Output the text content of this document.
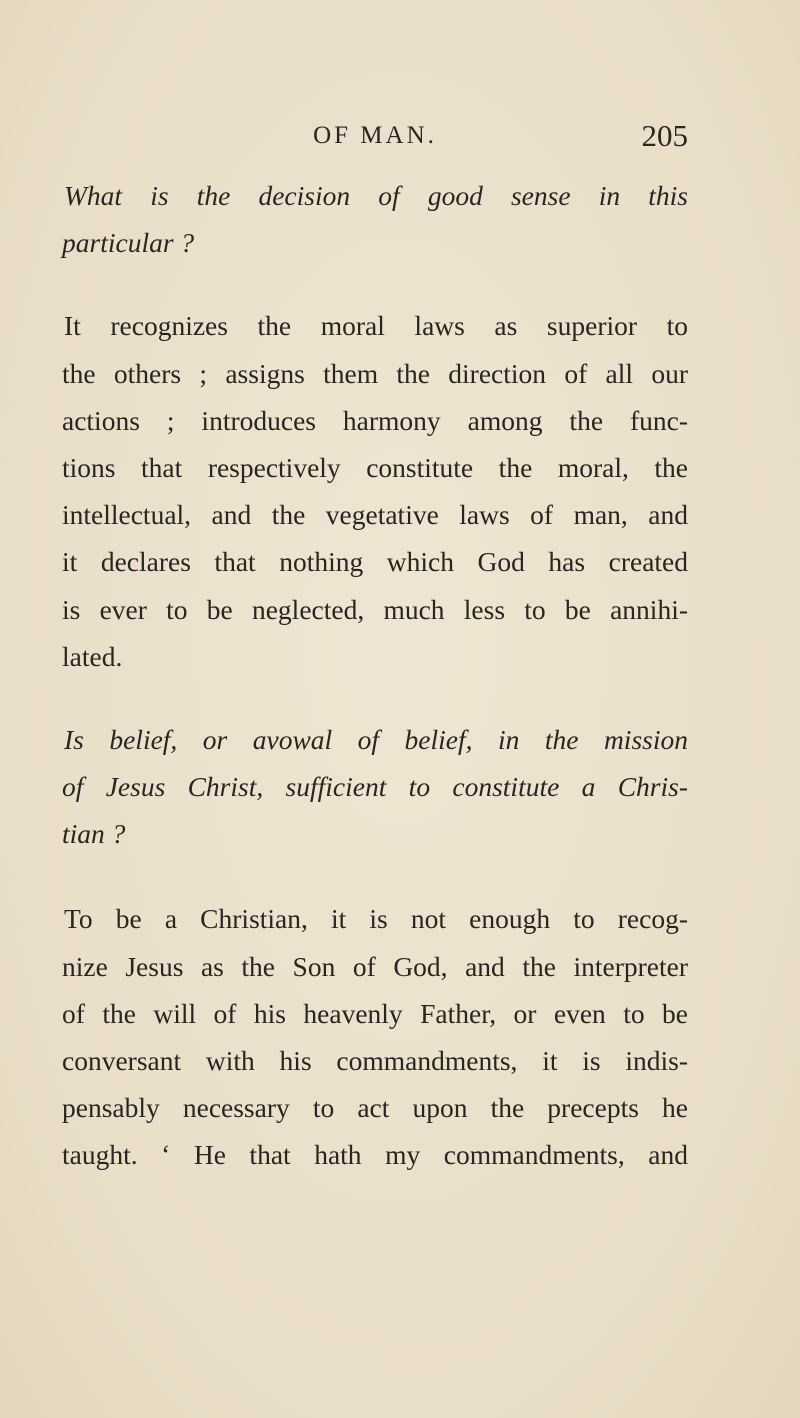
OF MAN.	205
What is the decision of good sense in this
particular ?
It recognizes the moral laws as superior to
the others ; assigns them the direction of all our
actions ; introduces harmony among the func-
tions that respectively constitute the moral, the
intellectual, and the vegetative laws of man, and
it declares that nothing which God has created
is ever to be neglected, much less to be annihi-
lated.
Is belief, or avowal of belief, in the mission
of Jesus Christ, sufficient to constitute a Chris-
tian ?
To be a Christian, it is not enough to recog-
nize Jesus as the Son of God, and the interpreter
of the will of his heavenly Father, or even to be
conversant with his commandments, it is indis-
pensably necessary to act upon the precepts he
taught. ‘ He that hath my commandments, and
